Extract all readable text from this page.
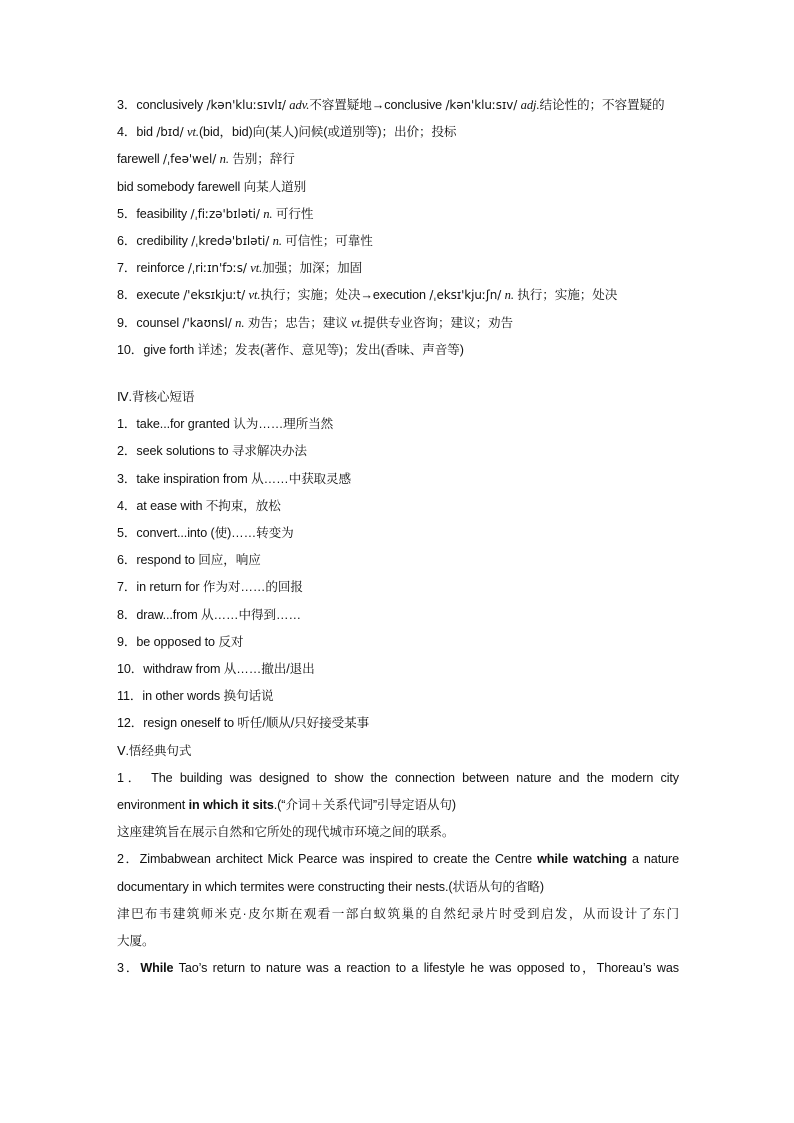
3．conclusively /kən'kluːsɪvlɪ/ adv.不容置疑地→conclusive /kən'kluːsɪv/ adj.结论性的；不容置疑的
4．bid /bɪd/ vt.(bid，bid)向(某人)问候(或道别等)；出价；投标
farewell /ˌfeə'wel/ n. 告别；辞行
bid somebody farewell 向某人道别
5．feasibility /ˌfiːzə'bɪləti/ n. 可行性
6．credibility /ˌkredə'bɪləti/ n. 可信性；可靠性
7．reinforce /ˌriːɪn'fɔːs/ vt.加强；加深；加固
8．execute /'eksɪkjuːt/ vt.执行；实施；处决→execution /ˌeksɪ'kjuːʃn/ n. 执行；实施；处决
9．counsel /'kaʊnsl/ n. 劝告；忠告；建议 vt.提供专业咨询；建议；劝告
10．give forth 详述；发表(著作、意见等)；发出(香味、声音等)
Ⅳ.背核心短语
1．take...for granted 认为……理所当然
2．seek solutions to 寻求解决办法
3．take inspiration from 从……中获取灵感
4．at ease with 不拘束，放松
5．convert...into (使)……转变为
6．respond to 回应，响应
7．in return for 作为对……的回报
8．draw...from 从……中得到……
9．be opposed to 反对
10．withdraw from 从……撤出/退出
11．in other words 换句话说
12．resign oneself to 听任/顺从/只好接受某事
Ⅴ.悟经典句式
1． The building was designed to show the connection between nature and the modern city
environment in which it sits.(“介词＋关系代词”引导定语从句)
这座建筑旨在展示自然和它所处的现代城市环境之间的联系。
2．Zimbabwean architect Mick Pearce was inspired to create the Centre while watching a nature
documentary in which termites were constructing their nests.(状语从句的省略)
津巴布韦建筑师米克·皮尔斯在观看一部白蚁筑巢的自然纪录片时受到启发，从而设计了东门
大厦。
3．While Tao’s return to nature was a reaction to a lifestyle he was opposed to，Thoreau’s was
